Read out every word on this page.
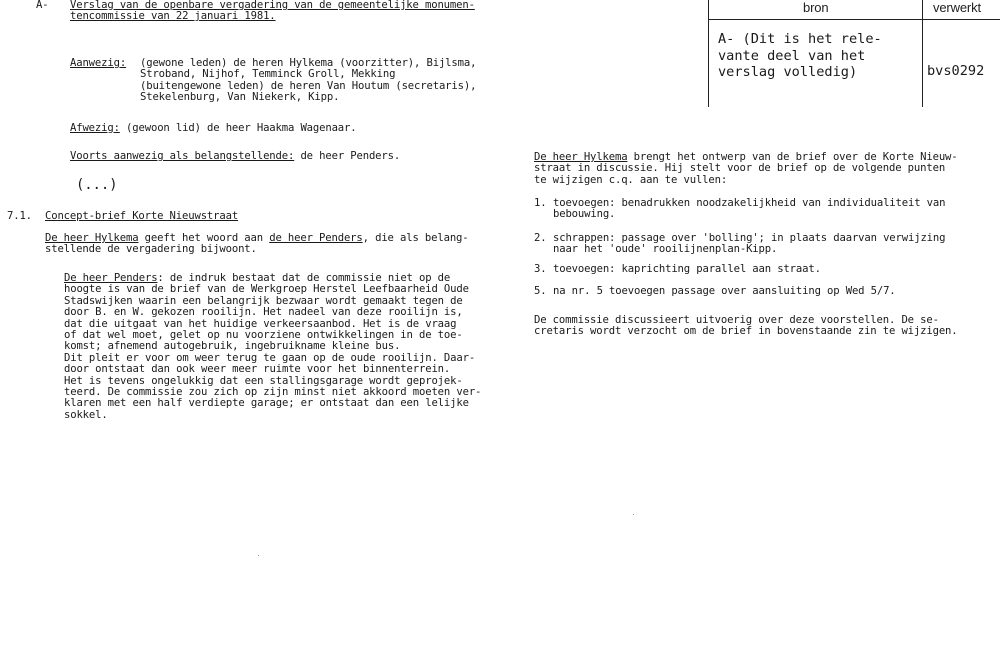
bron	verwerkt
A- (Dit is het rele-
vante deel van het
verslag volledig)	bvs0292
A- Verslag van de openbare vergadering van de gemeentelijke monumen-
tencommissie van 22 januari 1981.
Aanwezig: (gewone leden) de heren Hylkema (voorzitter), Bijlsma,
Stroband, Nijhof, Temminck Groll, Mekking
(buitengewone leden) de heren Van Houtum (secretaris),
Stekelenburg, Van Niekerk, Kipp.
Afwezig: (gewoon lid) de heer Haakma Wagenaar.
Voorts aanwezig als belangstellende: de heer Penders.
(...)
7.1. Concept-brief Korte Nieuwstraat
De heer Hylkema geeft het woord aan de heer Penders, die als belang-
stellende de vergadering bijwoont.
De heer Penders: de indruk bestaat dat de commissie niet op de
hoogte is van de brief van de Werkgroep Herstel Leefbaarheid Oude
Stadswijken waarin een belangrijk bezwaar wordt gemaakt tegen de
door B. en W. gekozen rooilijn. Het nadeel van deze rooilijn is,
dat die uitgaat van het huidige verkeersaanbod. Het is de vraag
of dat wel moet, gelet op nu voorziene ontwikkelingen in de toe-
komst; afnemend autogebruik, ingebruikname kleine bus.
Dit pleit er voor om weer terug te gaan op de oude rooilijn. Daar-
door ontstaat dan ook weer meer ruimte voor het binnenterrein.
Het is tevens ongelukkig dat een stallingsgarage wordt geprojek-
teerd. De commissie zou zich op zijn minst niet akkoord moeten ver-
klaren met een half verdiepte garage; er ontstaat dan een lelijke
sokkel.
De heer Hylkema brengt het ontwerp van de brief over de Korte Nieuw-
straat in discussie. Hij stelt voor de brief op de volgende punten
te wijzigen c.q. aan te vullen:
1. toevoegen: benadrukken noodzakelijkheid van individualiteit van
bebouwing.
2. schrappen: passage over 'bolling'; in plaats daarvan verwijzing
naar het 'oude' rooilijnenplan-Kipp.
3. toevoegen: kaprichting parallel aan straat.
5. na nr. 5 toevoegen passage over aansluiting op Wed 5/7.
De commissie discussieert uitvoerig over deze voorstellen. De se-
cretaris wordt verzocht om de brief in bovenstaande zin te wijzigen.
